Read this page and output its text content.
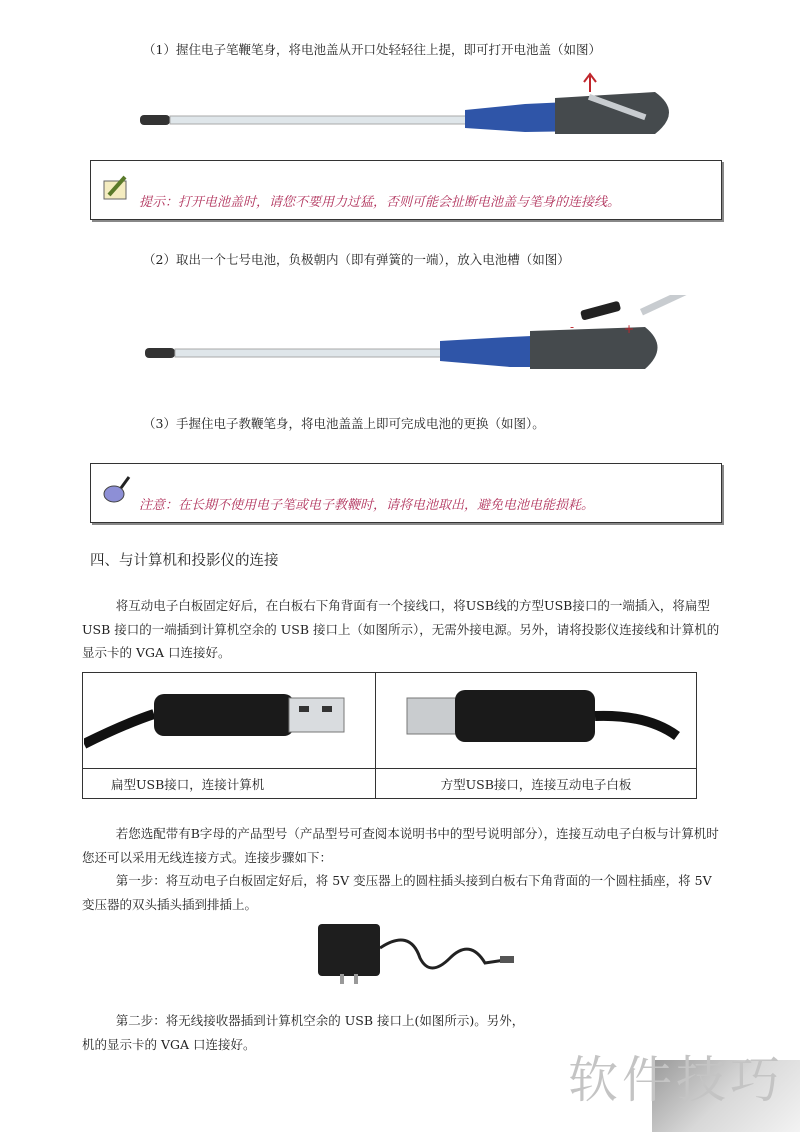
（1）握住电子笔鞭笔身，将电池盖从开口处轻轻往上提，即可打开电池盖（如图）
提示：打开电池盖时，请您不要用力过猛，否则可能会扯断电池盖与笔身的连接线。
（2）取出一个七号电池，负极朝内（即有弹簧的一端），放入电池槽（如图）
-	+
（3）手握住电子教鞭笔身，将电池盖盖上即可完成电池的更换（如图）。
注意：在长期不使用电子笔或电子教鞭时，请将电池取出，避免电池电能损耗。
四、与计算机和投影仪的连接

将互动电子白板固定好后，在白板右下角背面有一个接线口，将USB线的方型USB接口的一端插入，将扁型 USB 接口的一端插到计算机空余的 USB 接口上（如图所示），无需外接电源。另外，请将投影仪连接线和计算机的显示卡的 VGA 口连接好。

扁型USB接口，连接计算机	方型USB接口，连接互动电子白板

若您选配带有B字母的产品型号（产品型号可查阅本说明书中的型号说明部分），连接互动电子白板与计算机时您还可以采用无线连接方式。连接步骤如下：

第一步：将互动电子白板固定好后，将 5V 变压器上的圆柱插头接到白板右下角背面的一个圆柱插座，将 5V 变压器的双头插头插到排插上。

第二步：将无线接收器插到计算机空余的 USB 接口上(如图所示)。另外，

机的显示卡的 VGA 口连接好。

软件技巧
